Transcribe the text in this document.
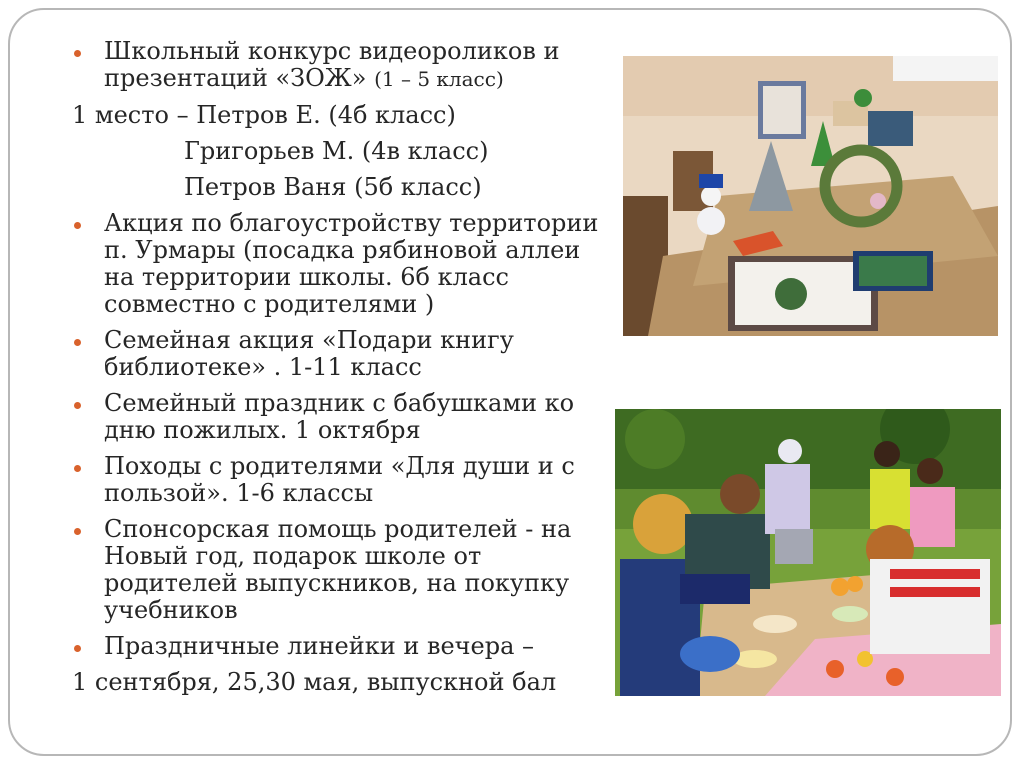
Школьный конкурс видеороликов и презентаций «ЗОЖ» (1 – 5 класс)
1 место – Петров Е. (4б класс)
Григорьев М. (4в класс)
Петров Ваня (5б класс)
Акция по благоустройству территории п. Урмары (посадка рябиновой аллеи на территории школы. 6б класс совместно с родителями )
Семейная акция «Подари книгу библиотеке» . 1-11 класс
Семейный праздник с бабушками ко дню пожилых. 1 октября
Походы с родителями «Для души и с пользой». 1-6 классы
Спонсорская помощь родителей - на Новый год, подарок школе от родителей выпускников, на покупку учебников
Праздничные линейки и вечера –
1 сентября, 25,30 мая, выпускной бал
